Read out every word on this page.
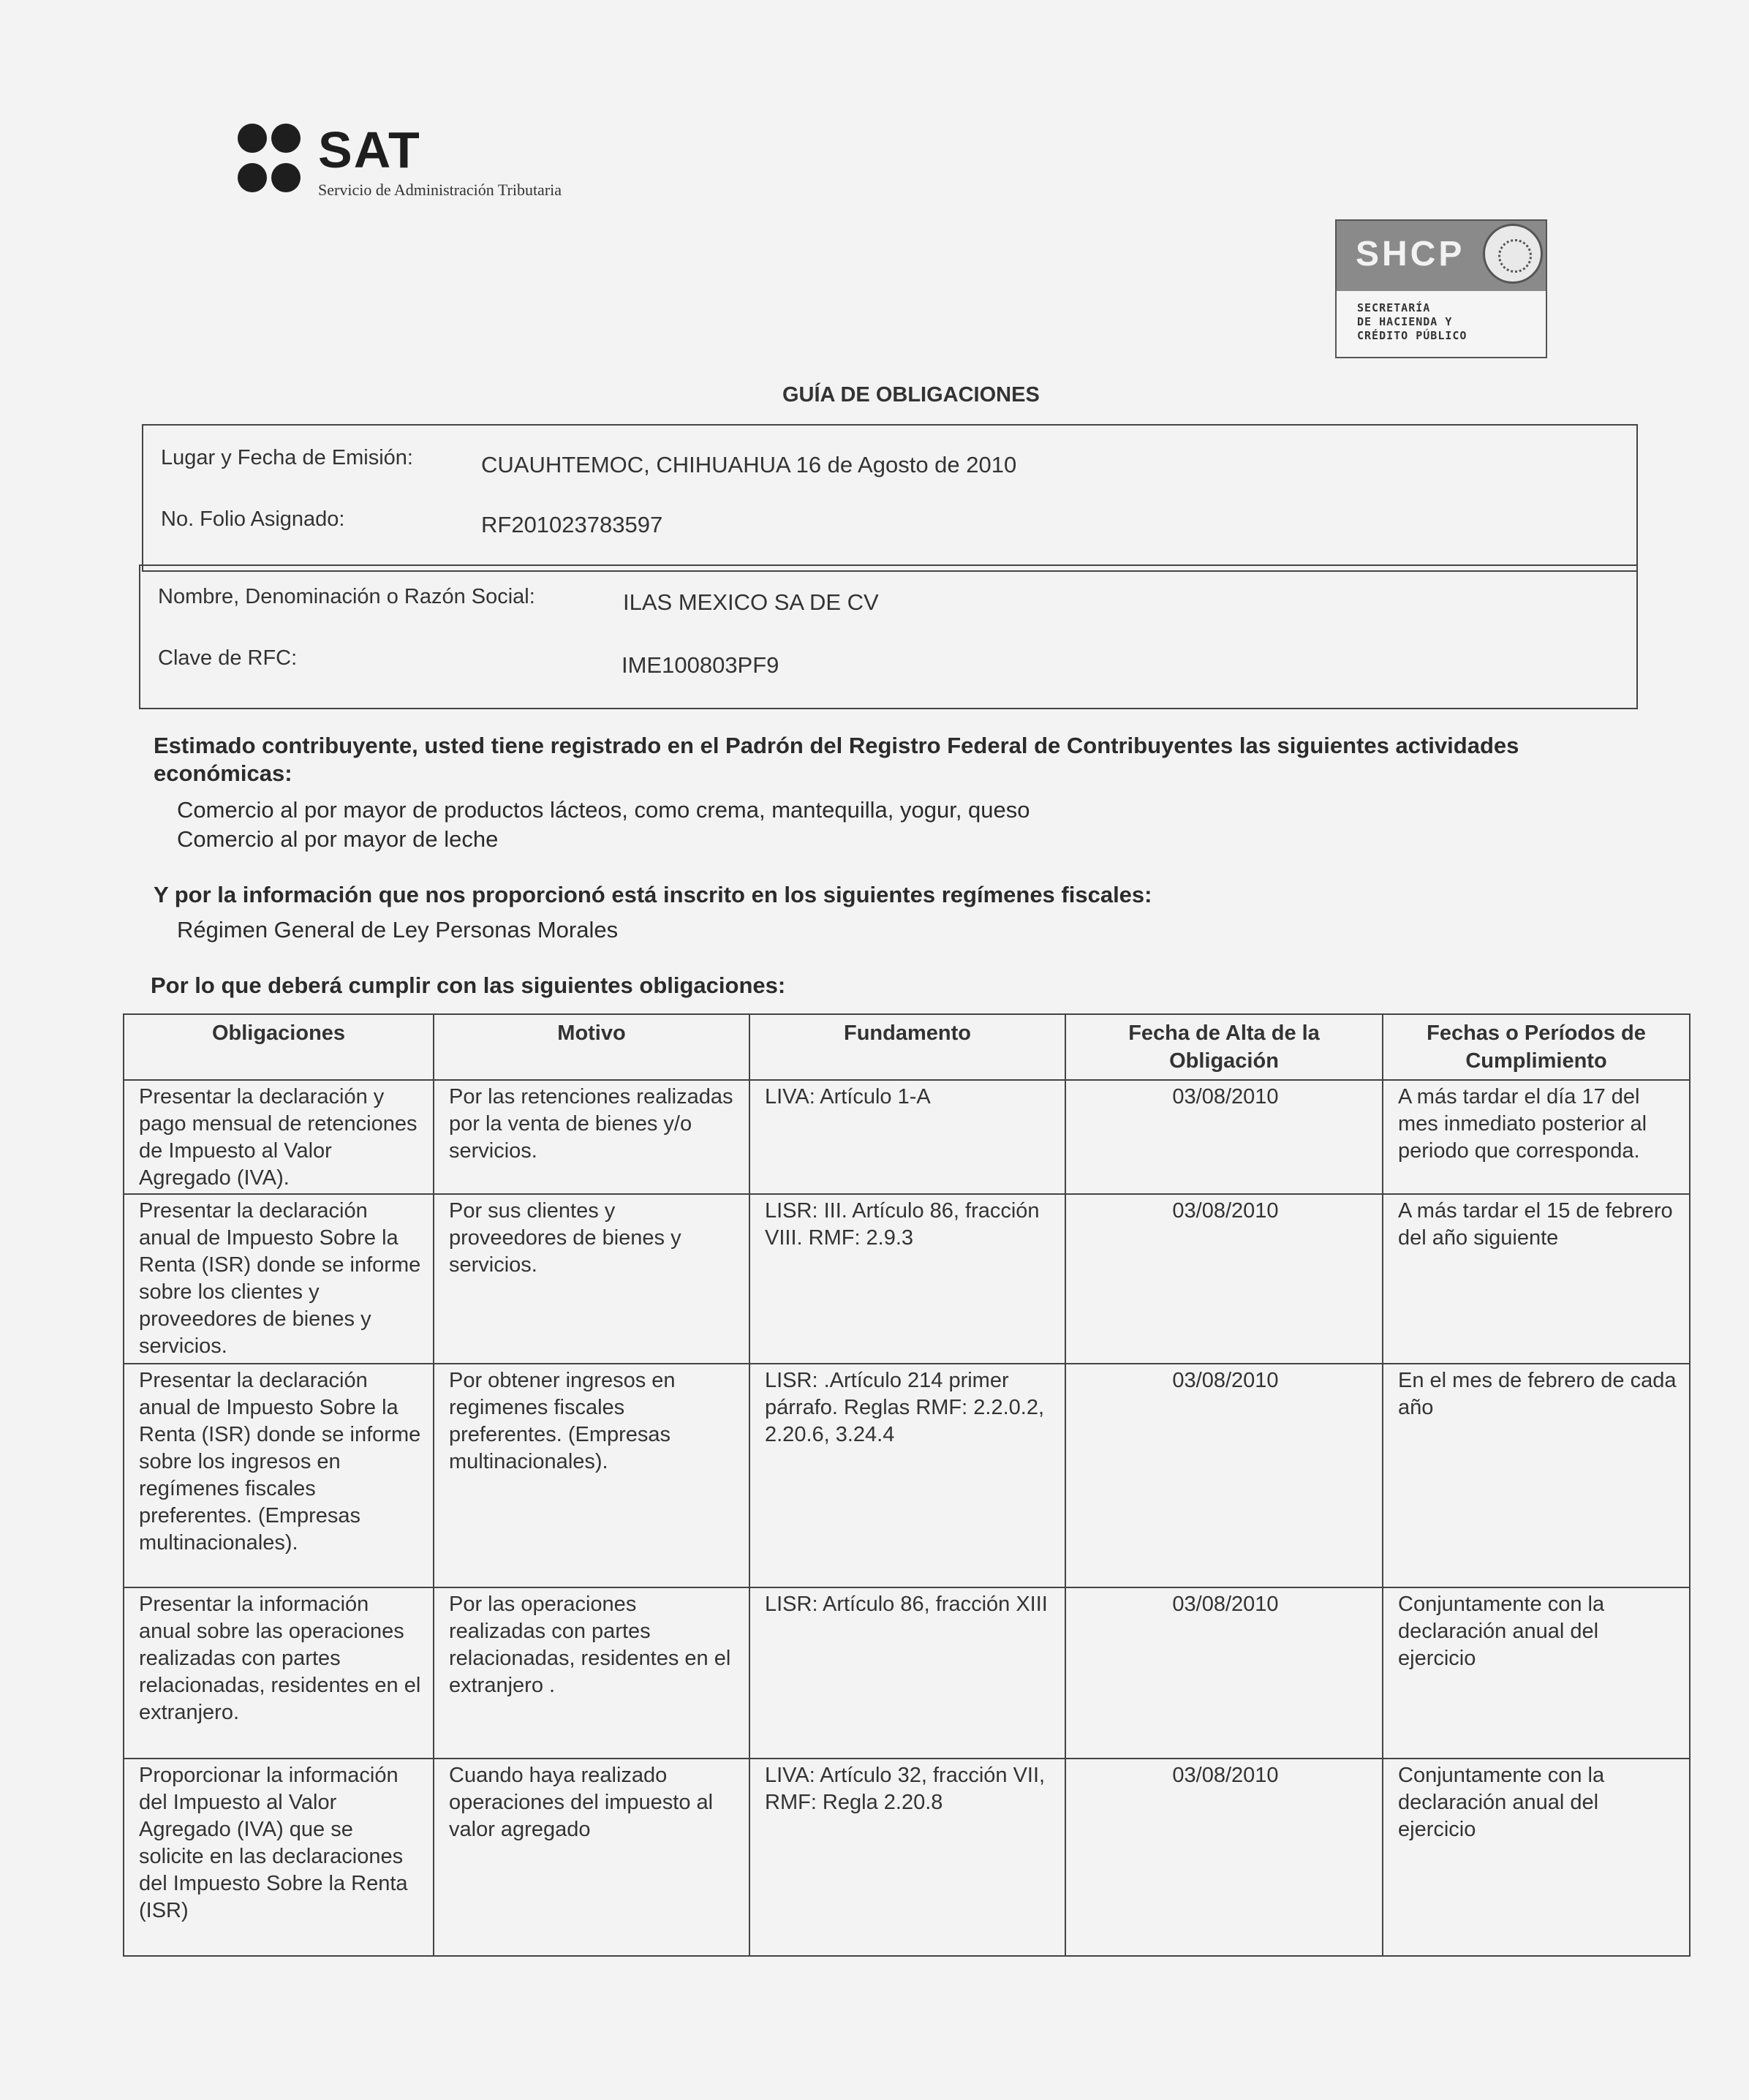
SAT
Servicio de Administración Tributaria
SHCP
SECRETARÍA
DE HACIENDA Y
CRÉDITO PÚBLICO
GUÍA DE OBLIGACIONES
Lugar y Fecha de Emisión:	CUAUHTEMOC, CHIHUAHUA 16 de Agosto de 2010
No. Folio Asignado:	RF201023783597
Nombre, Denominación o Razón Social:	ILAS MEXICO SA DE CV
Clave de RFC:	IME100803PF9
Estimado contribuyente, usted tiene registrado en el Padrón del Registro Federal de Contribuyentes las siguientes actividades
económicas:
Comercio al por mayor de productos lácteos, como crema, mantequilla, yogur, queso
Comercio al por mayor de leche
Y por la información que nos proporcionó está inscrito en los siguientes regímenes fiscales:
Régimen General de Ley Personas Morales
Por lo que deberá cumplir con las siguientes obligaciones:
Obligaciones	Motivo	Fundamento	Fecha de Alta de la Obligación	Fechas o Períodos de Cumplimiento
Presentar la declaración y pago mensual de retenciones de Impuesto al Valor Agregado (IVA).	Por las retenciones realizadas por la venta de bienes y/o servicios.	LIVA: Artículo 1-A	03/08/2010	A más tardar el día 17 del mes inmediato posterior al periodo que corresponda.
Presentar la declaración anual de Impuesto Sobre la Renta (ISR) donde se informe sobre los clientes y proveedores de bienes y servicios.	Por sus clientes y proveedores de bienes y servicios.	LISR: III. Artículo 86, fracción VIII. RMF: 2.9.3	03/08/2010	A más tardar el 15 de febrero del año siguiente
Presentar la declaración anual de Impuesto Sobre la Renta (ISR) donde se informe sobre los ingresos en regímenes fiscales preferentes. (Empresas multinacionales).	Por obtener ingresos en regimenes fiscales preferentes. (Empresas multinacionales).	LISR: .Artículo 214 primer párrafo. Reglas RMF: 2.2.0.2, 2.20.6, 3.24.4	03/08/2010	En el mes de febrero de cada año
Presentar la información anual sobre las operaciones realizadas con partes relacionadas, residentes en el extranjero.	Por las operaciones realizadas con partes relacionadas, residentes en el extranjero .	LISR: Artículo 86, fracción XIII	03/08/2010	Conjuntamente con la declaración anual del ejercicio
Proporcionar la información del Impuesto al Valor Agregado (IVA) que se solicite en las declaraciones del Impuesto Sobre la Renta (ISR)	Cuando haya realizado operaciones del impuesto al valor agregado	LIVA: Artículo 32, fracción VII, RMF: Regla 2.20.8	03/08/2010	Conjuntamente con la declaración anual del ejercicio
